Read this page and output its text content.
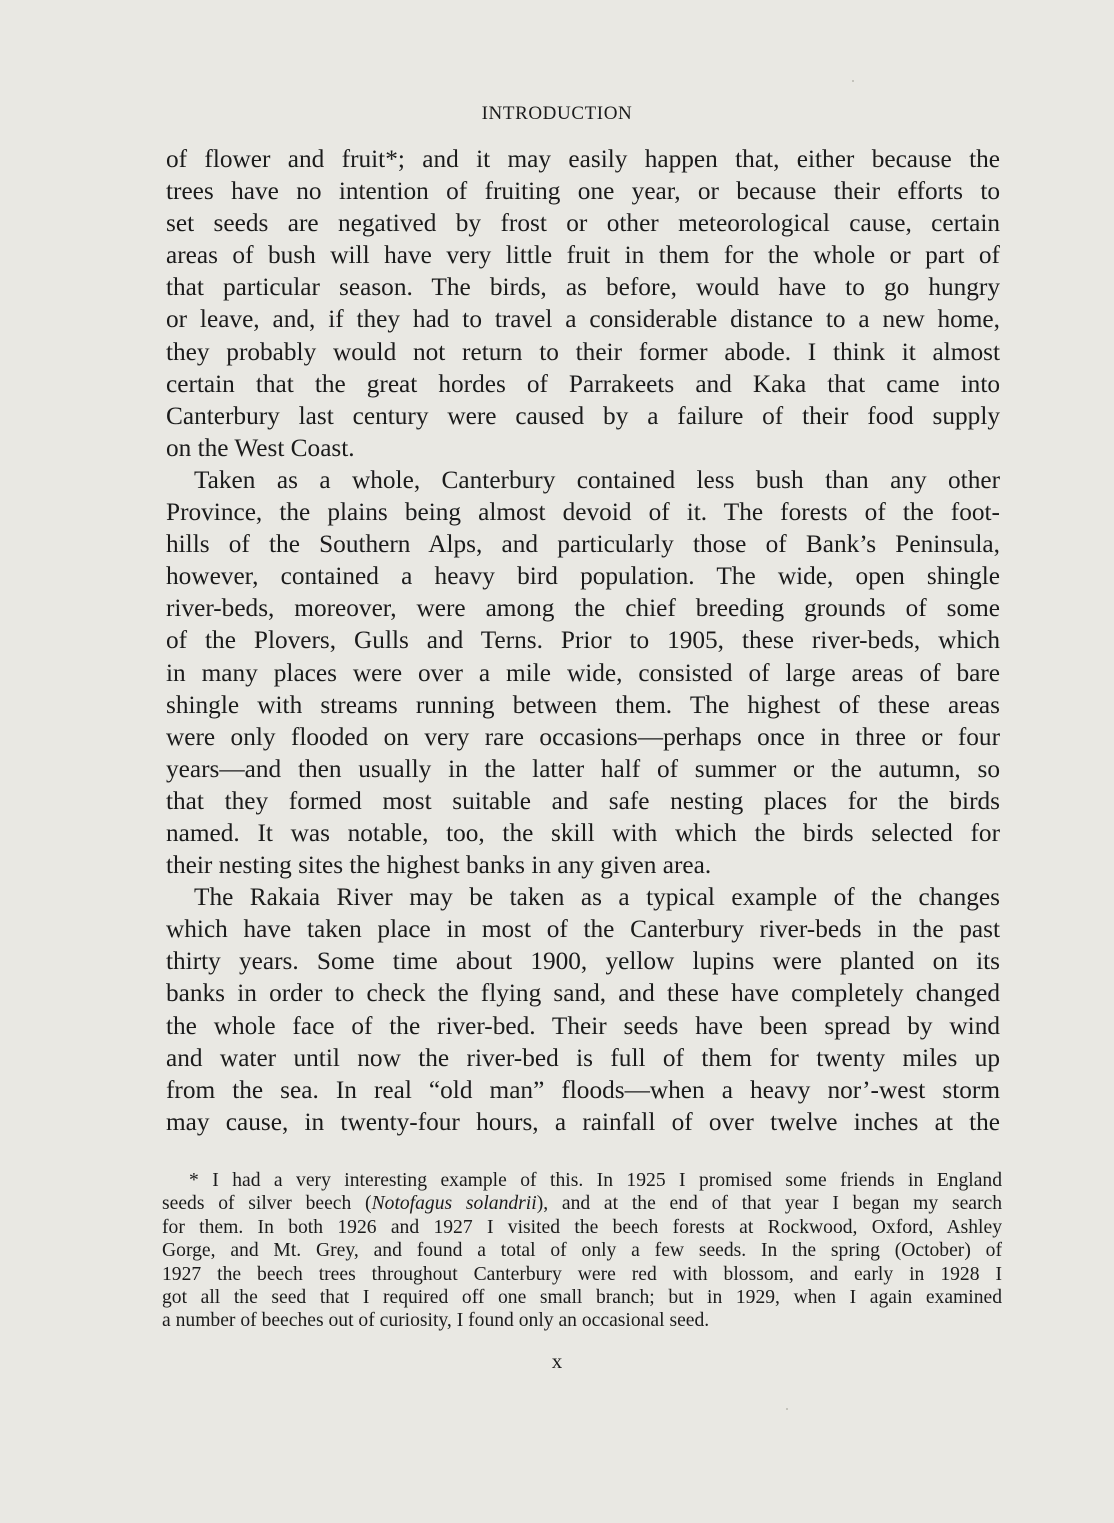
INTRODUCTION

of flower and fruit*; and it may easily happen that, either because the
trees have no intention of fruiting one year, or because their efforts to
set seeds are negatived by frost or other meteorological cause, certain
areas of bush will have very little fruit in them for the whole or part of
that particular season. The birds, as before, would have to go hungry
or leave, and, if they had to travel a considerable distance to a new home,
they probably would not return to their former abode. I think it almost
certain that the great hordes of Parrakeets and Kaka that came into
Canterbury last century were caused by a failure of their food supply
on the West Coast.

Taken as a whole, Canterbury contained less bush than any other
Province, the plains being almost devoid of it. The forests of the foot-
hills of the Southern Alps, and particularly those of Bank’s Peninsula,
however, contained a heavy bird population. The wide, open shingle
river-beds, moreover, were among the chief breeding grounds of some
of the Plovers, Gulls and Terns. Prior to 1905, these river-beds, which
in many places were over a mile wide, consisted of large areas of bare
shingle with streams running between them. The highest of these areas
were only flooded on very rare occasions—perhaps once in three or four
years—and then usually in the latter half of summer or the autumn, so
that they formed most suitable and safe nesting places for the birds
named. It was notable, too, the skill with which the birds selected for
their nesting sites the highest banks in any given area.

The Rakaia River may be taken as a typical example of the changes
which have taken place in most of the Canterbury river-beds in the past
thirty years. Some time about 1900, yellow lupins were planted on its
banks in order to check the flying sand, and these have completely changed
the whole face of the river-bed. Their seeds have been spread by wind
and water until now the river-bed is full of them for twenty miles up
from the sea. In real “old man” floods—when a heavy nor’-west storm
may cause, in twenty-four hours, a rainfall of over twelve inches at the

* I had a very interesting example of this. In 1925 I promised some friends in England
seeds of silver beech (Notofagus solandrii), and at the end of that year I began my search
for them. In both 1926 and 1927 I visited the beech forests at Rockwood, Oxford, Ashley
Gorge, and Mt. Grey, and found a total of only a few seeds. In the spring (October) of
1927 the beech trees throughout Canterbury were red with blossom, and early in 1928 I
got all the seed that I required off one small branch; but in 1929, when I again examined
a number of beeches out of curiosity, I found only an occasional seed.

x
